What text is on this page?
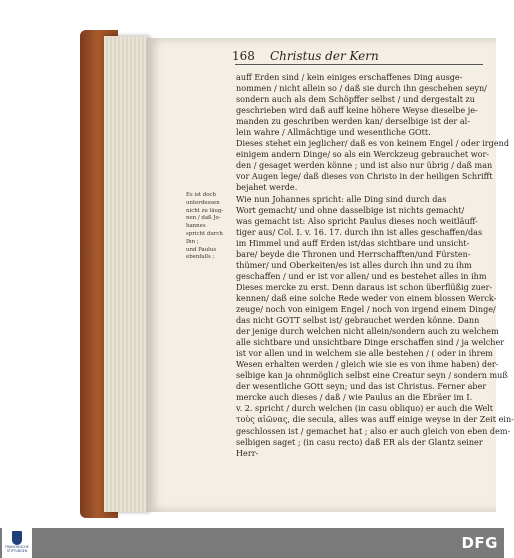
168 Christus der Kern
Es ist doch
unterdessen
nicht zu läug-
nen / daß Jo-
hannes
spricht durch
Ihn ;
und Paulus
ebenfalls ;
auff Erden sind / kein einiges erschaffenes Ding ausge-
nommen / nicht allein so / daß sie durch ihn geschehen seyn/
sondern auch als dem Schöpffer selbst / und dergestalt zu
geschrieben wird daß auff keine höhere Weyse dieselbe je-
manden zu geschriben werden kan/ derselbige ist der al-
lein wahre / Allmächtige und wesentliche GOtt.
Dieses stehet ein jeglicher/ daß es von keinem Engel / oder irgend
einigem andern Dinge/ so als ein Werckzeug gebrauchet wor-
den / gesaget werden könne ; und ist also nur übrig / daß man
vor Augen lege/ daß dieses von Christo in der heiligen Schrifft
bejahet werde.
Wie nun Johannes spricht: alle Ding sind durch das
Wort gemacht/ und ohne dasselbige ist nichts gemacht/
was gemacht ist: Also spricht Paulus dieses noch weitläuff-
tiger aus/ Col. I. v. 16. 17. durch ihn ist alles geschaffen/das
im Himmel und auff Erden ist/das sichtbare und unsicht-
bare/ beyde die Thronen und Herrschafften/und Fürsten-
thümer/ und Oberkeiten/es ist alles durch ihn und zu ihm
geschaffen / und er ist vor allen/ und es bestehet alles in ihm
Dieses mercke zu erst. Denn daraus ist schon überflüßig zuer-
kennen/ daß eine solche Rede weder von einem blossen Werck-
zeuge/ noch von einigem Engel / noch von irgend einem Dinge/
das nicht GOTT selbst ist/ gebrauchet werden könne. Dann
der jenige durch welchen nicht allein/sondern auch zu welchem
alle sichtbare und unsichtbare Dinge erschaffen sind / ja welcher
ist vor allen und in welchem sie alle bestehen / ( oder in ihrem
Wesen erhalten werden / gleich wie sie es von ihme haben) der-
selbige kan ja ohnmöglich selbst eine Creatur seyn / sondern muß
der wesentliche GOtt seyn; und das ist Christus. Ferner aber
mercke auch dieses / daß / wie Paulus an die Ebräer im I.
v. 2. spricht / durch welchen (in casu obliquo) er auch die Welt
τοὺς αἰῶνας, die secula, alles was auff einige weyse in der Zeit ein-
geschlossen ist / gemachet hat ; also er auch gleich von eben dem-
selbigen saget ; (in casu recto) daß ER als der Glantz seiner
Herr-
FRANCKESCHE STIFTUNGEN	DFG
